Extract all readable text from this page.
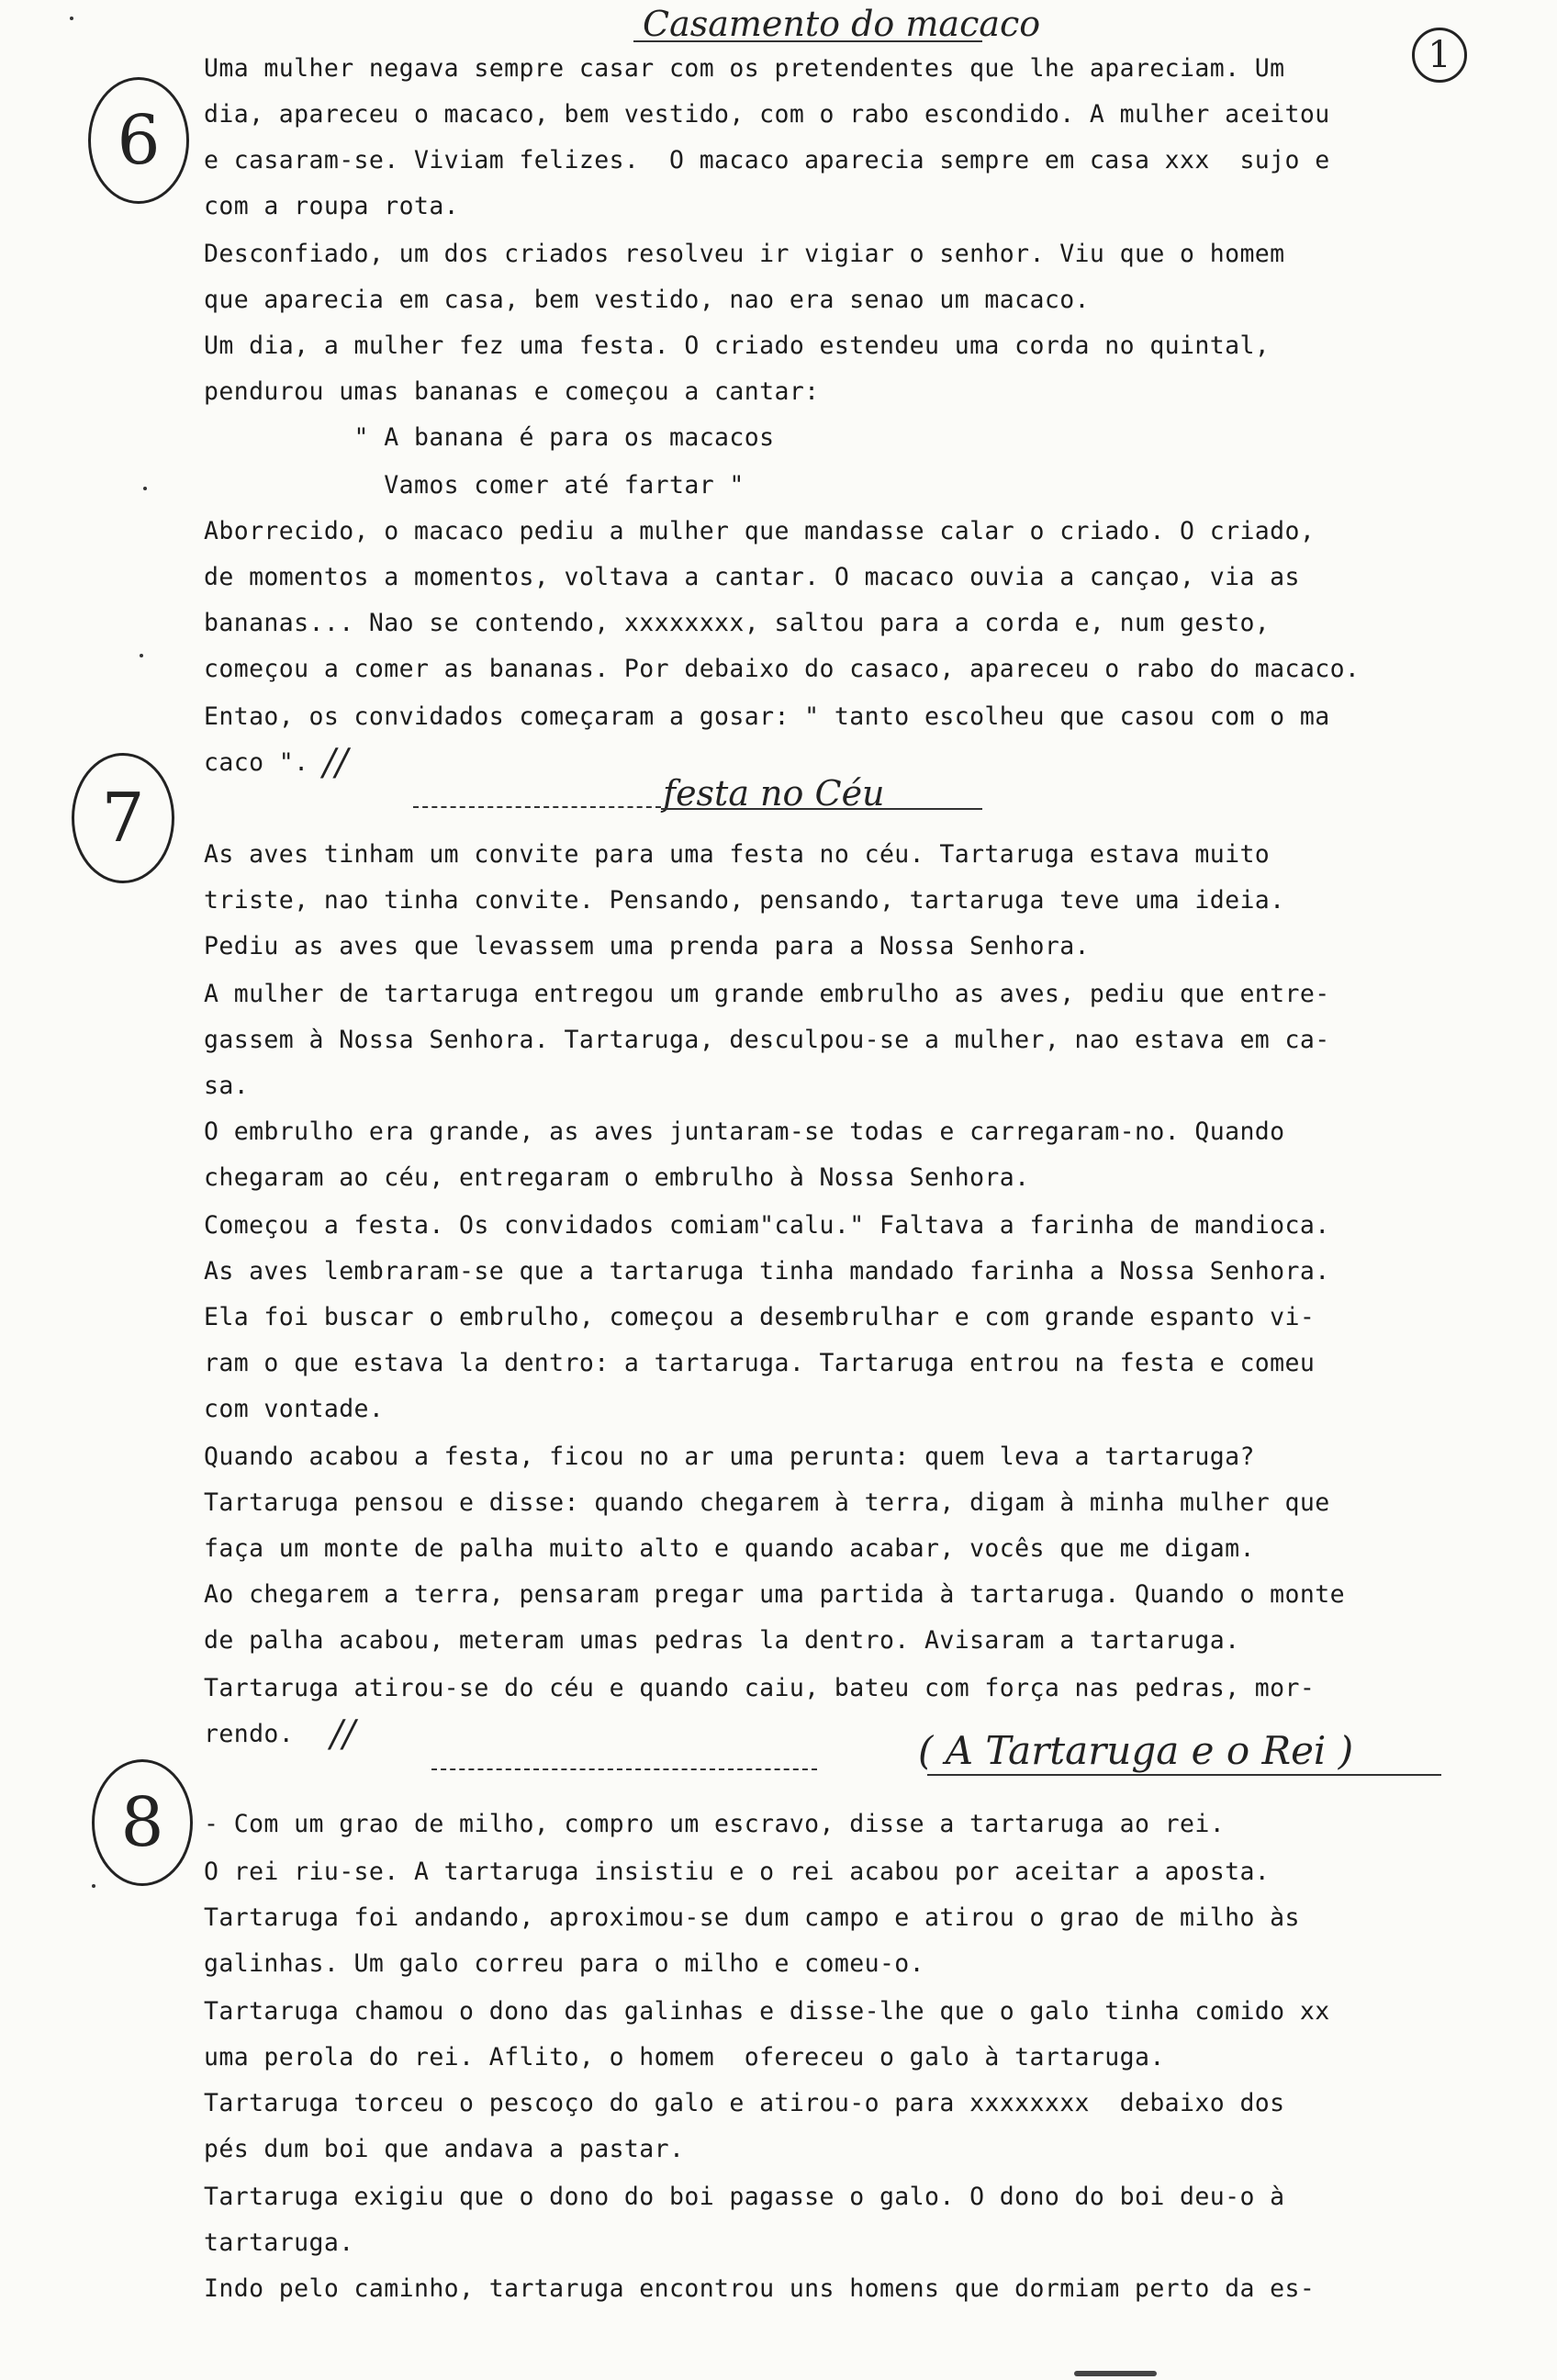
Casamento do macaco
1
6
7
8
//
festa no Céu
//	( A Tartaruga e o Rei )
Uma mulher negava sempre casar com os pretendentes que lhe apareciam. Um
dia, apareceu o macaco, bem vestido, com o rabo escondido. A mulher aceitou
e casaram-se. Viviam felizes.  O macaco aparecia sempre em casa xxx  sujo e
com a roupa rota.
Desconfiado, um dos criados resolveu ir vigiar o senhor. Viu que o homem
que aparecia em casa, bem vestido, nao era senao um macaco.
Um dia, a mulher fez uma festa. O criado estendeu uma corda no quintal,
pendurou umas bananas e começou a cantar:
" A banana é para os macacos
Vamos comer até fartar "
Aborrecido, o macaco pediu a mulher que mandasse calar o criado. O criado,
de momentos a momentos, voltava a cantar. O macaco ouvia a cançao, via as
bananas... Nao se contendo, xxxxxxxx, saltou para a corda e, num gesto,
começou a comer as bananas. Por debaixo do casaco, apareceu o rabo do macaco.
Entao, os convidados começaram a gosar: " tanto escolheu que casou com o ma
caco ".
As aves tinham um convite para uma festa no céu. Tartaruga estava muito
triste, nao tinha convite. Pensando, pensando, tartaruga teve uma ideia.
Pediu as aves que levassem uma prenda para a Nossa Senhora.
A mulher de tartaruga entregou um grande embrulho as aves, pediu que entre-
gassem à Nossa Senhora. Tartaruga, desculpou-se a mulher, nao estava em ca-
sa.
O embrulho era grande, as aves juntaram-se todas e carregaram-no. Quando
chegaram ao céu, entregaram o embrulho à Nossa Senhora.
Começou a festa. Os convidados comiam"calu." Faltava a farinha de mandioca.
As aves lembraram-se que a tartaruga tinha mandado farinha a Nossa Senhora.
Ela foi buscar o embrulho, começou a desembrulhar e com grande espanto vi-
ram o que estava la dentro: a tartaruga. Tartaruga entrou na festa e comeu
com vontade.
Quando acabou a festa, ficou no ar uma perunta: quem leva a tartaruga?
Tartaruga pensou e disse: quando chegarem à terra, digam à minha mulher que
faça um monte de palha muito alto e quando acabar, vocês que me digam.
Ao chegarem a terra, pensaram pregar uma partida à tartaruga. Quando o monte
de palha acabou, meteram umas pedras la dentro. Avisaram a tartaruga.
Tartaruga atirou-se do céu e quando caiu, bateu com força nas pedras, mor-
rendo.
- Com um grao de milho, compro um escravo, disse a tartaruga ao rei.
O rei riu-se. A tartaruga insistiu e o rei acabou por aceitar a aposta.
Tartaruga foi andando, aproximou-se dum campo e atirou o grao de milho às
galinhas. Um galo correu para o milho e comeu-o.
Tartaruga chamou o dono das galinhas e disse-lhe que o galo tinha comido xx
uma perola do rei. Aflito, o homem  ofereceu o galo à tartaruga.
Tartaruga torceu o pescoço do galo e atirou-o para xxxxxxxx  debaixo dos
pés dum boi que andava a pastar.
Tartaruga exigiu que o dono do boi pagasse o galo. O dono do boi deu-o à
tartaruga.
Indo pelo caminho, tartaruga encontrou uns homens que dormiam perto da es-
